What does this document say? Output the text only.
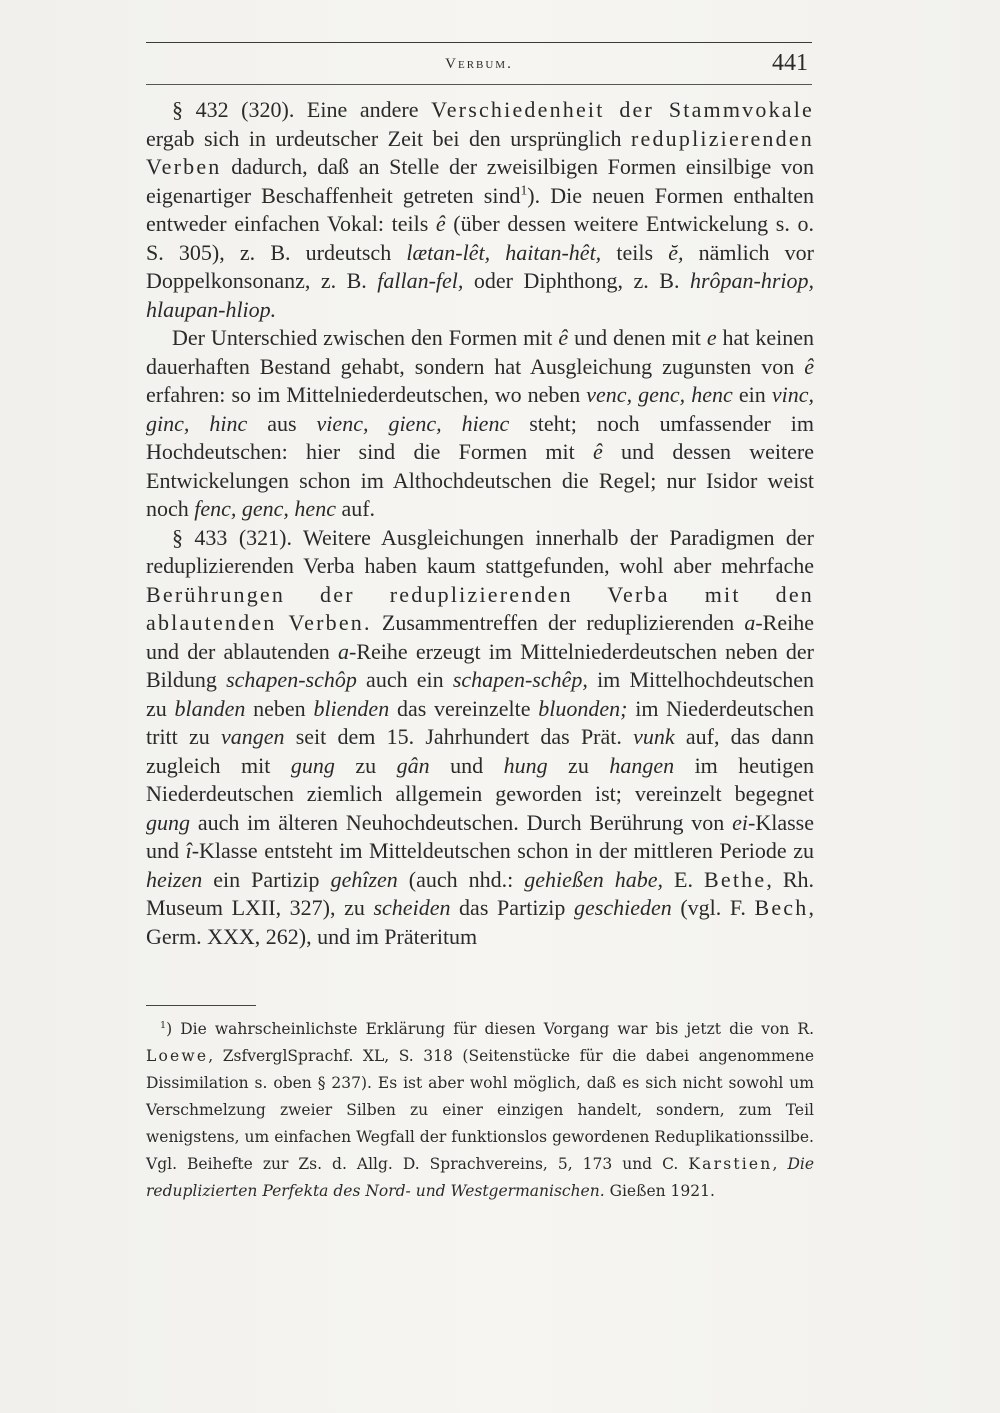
Verbum.	441

§ 432 (320). Eine andere Verschiedenheit der Stammvokale ergab sich in urdeutscher Zeit bei den ursprünglich reduplizierenden Verben dadurch, daß an Stelle der zweisilbigen Formen einsilbige von eigenartiger Beschaffenheit getreten sind$^1$). Die neuen Formen enthalten entweder einfachen Vokal: teils ê (über dessen weitere Entwickelung s. o. S. 305), z. B. urdeutsch lætan-lêt, haitan-hêt, teils ĕ, nämlich vor Doppelkonsonanz, z. B. fallan-fel, oder Diphthong, z. B. hrôpan-hriop, hlaupan-hliop.

Der Unterschied zwischen den Formen mit ê und denen mit e hat keinen dauerhaften Bestand gehabt, sondern hat Ausgleichung zugunsten von ê erfahren: so im Mittelniederdeutschen, wo neben venc, genc, henc ein vinc, ginc, hinc aus vienc, gienc, hienc steht; noch umfassender im Hochdeutschen: hier sind die Formen mit ê und dessen weitere Entwickelungen schon im Althochdeutschen die Regel; nur Isidor weist noch fenc, genc, henc auf.

§ 433 (321). Weitere Ausgleichungen innerhalb der Paradigmen der reduplizierenden Verba haben kaum stattgefunden, wohl aber mehrfache Berührungen der reduplizierenden Verba mit den ablautenden Verben. Zusammentreffen der reduplizierenden a-Reihe und der ablautenden a-Reihe erzeugt im Mittelniederdeutschen neben der Bildung schapen-schôp auch ein schapen-schêp, im Mittelhochdeutschen zu blanden neben blienden das vereinzelte bluonden; im Niederdeutschen tritt zu vangen seit dem 15. Jahrhundert das Prät. vunk auf, das dann zugleich mit gung zu gân und hung zu hangen im heutigen Niederdeutschen ziemlich allgemein geworden ist; vereinzelt begegnet gung auch im älteren Neuhochdeutschen. Durch Berührung von ei-Klasse und î-Klasse entsteht im Mitteldeutschen schon in der mittleren Periode zu heizen ein Partizip gehîzen (auch nhd.: gehießen habe, E. Bethe, Rh. Museum LXII, 327), zu scheiden das Partizip geschieden (vgl. F. Bech, Germ. XXX, 262), und im Präteritum

$^1$) Die wahrscheinlichste Erklärung für diesen Vorgang war bis jetzt die von R. Loewe, ZsfverglSprachf. XL, S. 318 (Seitenstücke für die dabei angenommene Dissimilation s. oben § 237). Es ist aber wohl möglich, daß es sich nicht sowohl um Verschmelzung zweier Silben zu einer einzigen handelt, sondern, zum Teil wenigstens, um einfachen Wegfall der funktionslos gewordenen Reduplikationssilbe. Vgl. Beihefte zur Zs. d. Allg. D. Sprachvereins, 5, 173 und C. Karstien, Die reduplizierten Perfekta des Nord- und Westgermanischen. Gießen 1921.
